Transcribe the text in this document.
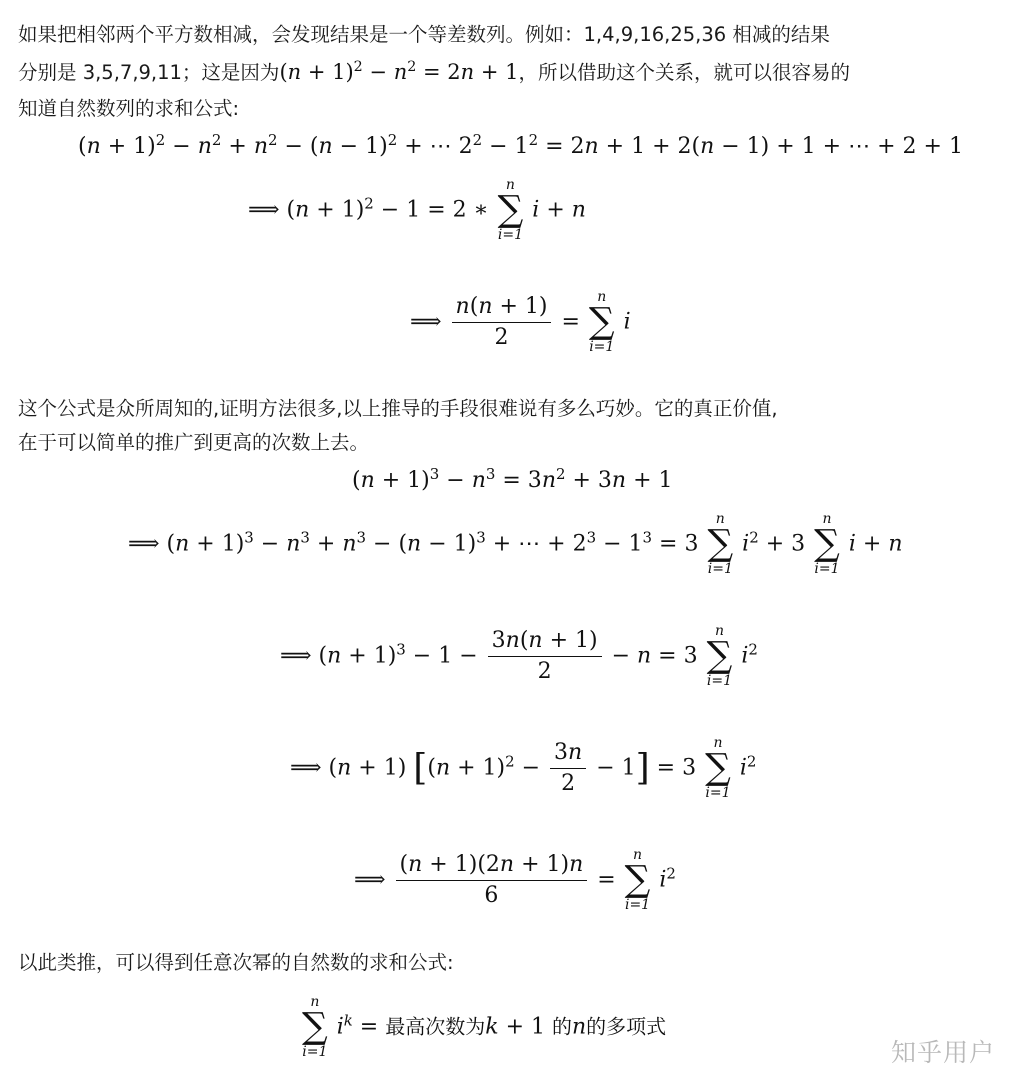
如果把相邻两个平方数相减，会发现结果是一个等差数列。例如：1,4,9,16,25,36 相减的结果
分别是 3,5,7,9,11；这是因为$(n + 1)^2 - n^2 = 2n + 1$，所以借助这个关系，就可以很容易的
知道自然数列的求和公式:
$(n + 1)^2 - n^2 + n^2 - (n - 1)^2$ + ⋯ $2^2 - 1^2 = 2n + 1 + 2(n - 1) + 1$ + ⋯ + 2 + 1
⟹ $(n + 1)^2 - 1 = 2$ ∗
n
∑
i=1
i + n
⟹ $\frac{n(n + 1)}{2}$ =
n
∑
i=1
i
这个公式是众所周知的,证明方法很多,以上推导的手段很难说有多么巧妙。它的真正价值,
在于可以简单的推广到更高的次数上去。
$(n + 1)^3 - n^3 = 3n^2 + 3n + 1$
⟹ $(n + 1)^3 - n^3 + n^3 - (n - 1)^3$ + ⋯ + $2^3 - 1^3 = 3$
n
∑
i=1
$i^2 + 3$
n
∑
i=1
i + n
⟹ $(n + 1)^3 - 1 - \frac{3n(n + 1)}{2} - n = 3$
n
∑
i=1
$i^2$
⟹ (n + 1) $[(n + 1)^2 - \frac{3n}{2} - 1] = 3$
n
∑
i=1
$i^2$
⟹ $\frac{(n + 1)(2n + 1)n}{6}$ =
n
∑
i=1
$i^2$
以此类推，可以得到任意次幂的自然数的求和公式:
n
∑
i=1
$i^k$ = 最高次数为k + 1 的n的多项式
知乎用户
